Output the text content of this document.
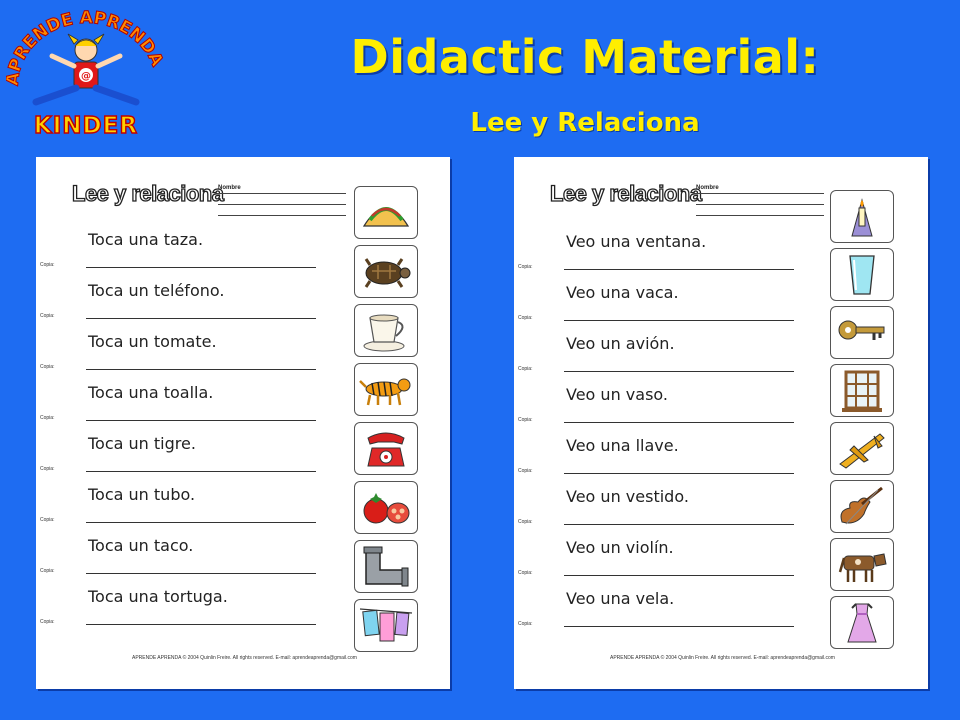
PRENDE APRENDA
@
KINDER
Didactic Material:
Lee y Relaciona
Lee y relaciona
Nombre
Toca una taza.
Copia:
Toca un teléfono.
Copia:
Toca un tomate.
Copia:
Toca una toalla.
Copia:
Toca un tigre.
Copia:
Toca un tubo.
Copia:
Toca un taco.
Copia:
Toca una tortuga.
Copia:
APRENDE APRENDA © 2004 Quinlin Freire. All rights reserved. E-mail: aprendeaprenda@gmail.com
Lee y relaciona
Nombre
Veo una ventana.
Copia:
Veo una vaca.
Copia:
Veo un avión.
Copia:
Veo un vaso.
Copia:
Veo una llave.
Copia:
Veo un vestido.
Copia:
Veo un violín.
Copia:
Veo una vela.
Copia:
APRENDE APRENDA © 2004 Quinlin Freire. All rights reserved. E-mail: aprendeaprenda@gmail.com
